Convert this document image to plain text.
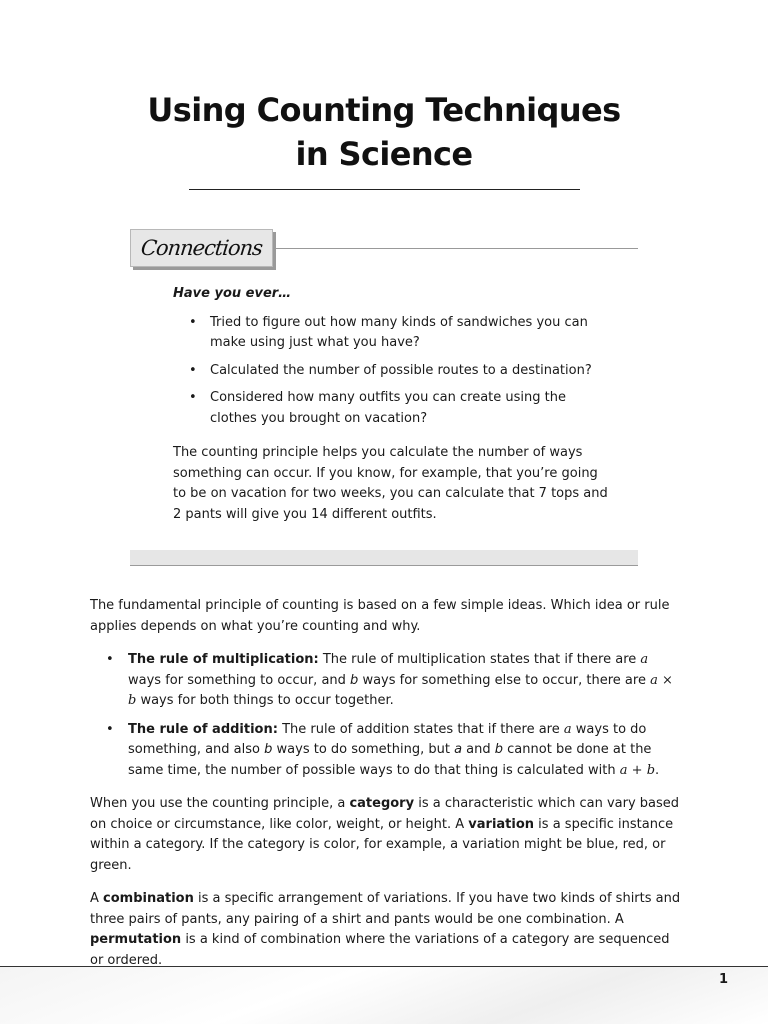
Using Counting Techniques
in Science
Connections

Have you ever…

• Tried to figure out how many kinds of sandwiches you can make using just what you have?
• Calculated the number of possible routes to a destination?
• Considered how many outfits you can create using the clothes you brought on vacation?

The counting principle helps you calculate the number of ways something can occur. If you know, for example, that you’re going to be on vacation for two weeks, you can calculate that 7 tops and 2 pants will give you 14 different outfits.

The fundamental principle of counting is based on a few simple ideas. Which idea or rule applies depends on what you’re counting and why.

• The rule of multiplication: The rule of multiplication states that if there are a ways for something to occur, and b ways for something else to occur, there are a × b ways for both things to occur together.
• The rule of addition: The rule of addition states that if there are a ways to do something, and also b ways to do something, but a and b cannot be done at the same time, the number of possible ways to do that thing is calculated with a + b.

When you use the counting principle, a category is a characteristic which can vary based on choice or circumstance, like color, weight, or height. A variation is a specific instance within a category. If the category is color, for example, a variation might be blue, red, or green.

A combination is a specific arrangement of variations. If you have two kinds of shirts and three pairs of pants, any pairing of a shirt and pants would be one combination. A permutation is a kind of combination where the variations of a category are sequenced or ordered.

1
